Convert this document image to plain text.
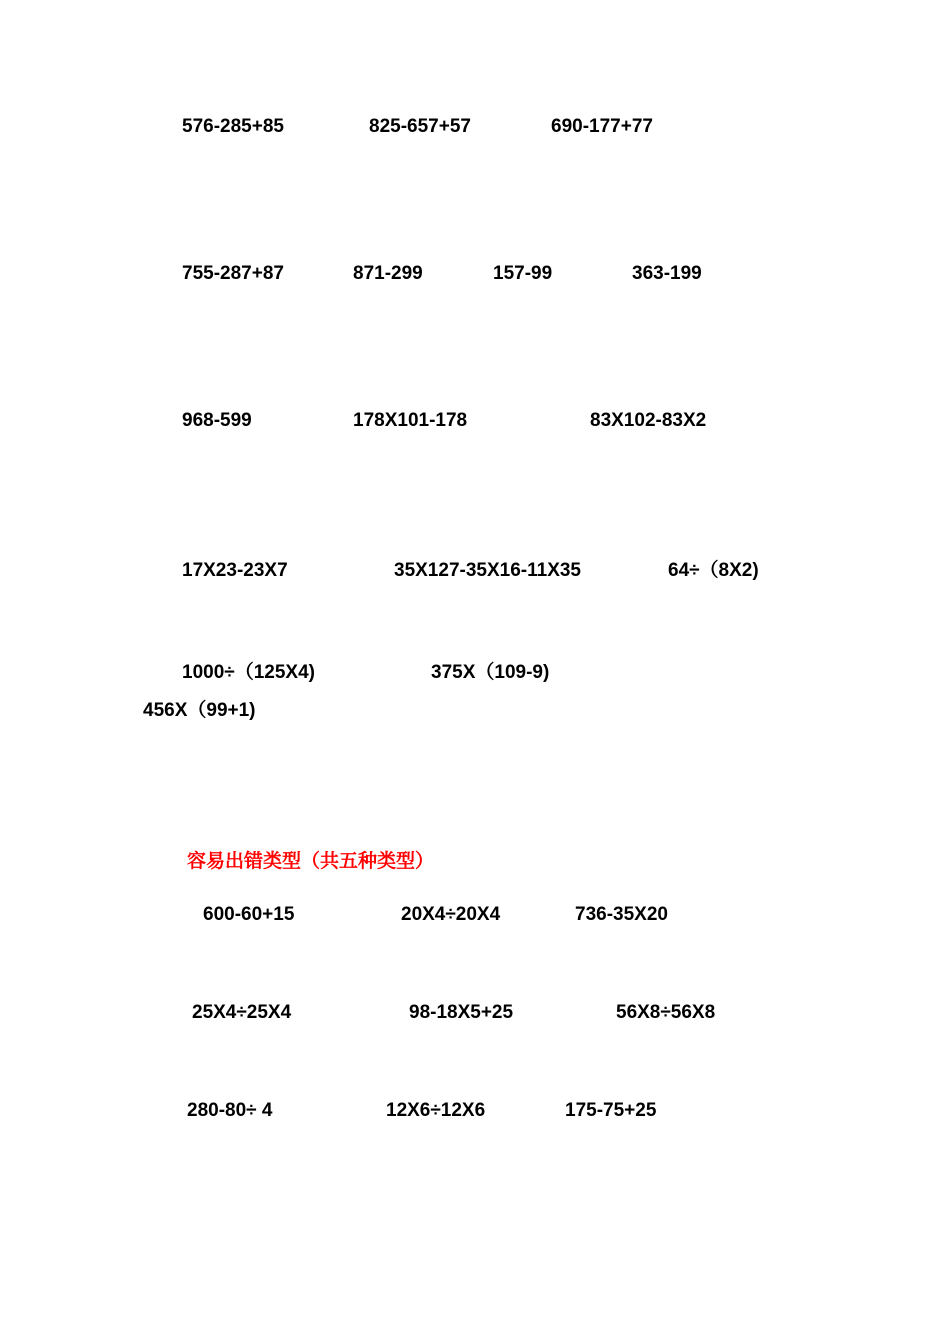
576-285+85	825-657+57	690-177+77
755-287+87	871-299	157-99	363-199
968-599	178X101-178	83X102-83X2
17X23-23X7	35X127-35X16-11X35	64÷（8X2)
1000÷（125X4)	375X（109-9)
456X（99+1)
容易出错类型（共五种类型）
600-60+15	20X4÷20X4	736-35X20
25X4÷25X4	98-18X5+25	56X8÷56X8
280-80÷ 4	12X6÷12X6	175-75+25
